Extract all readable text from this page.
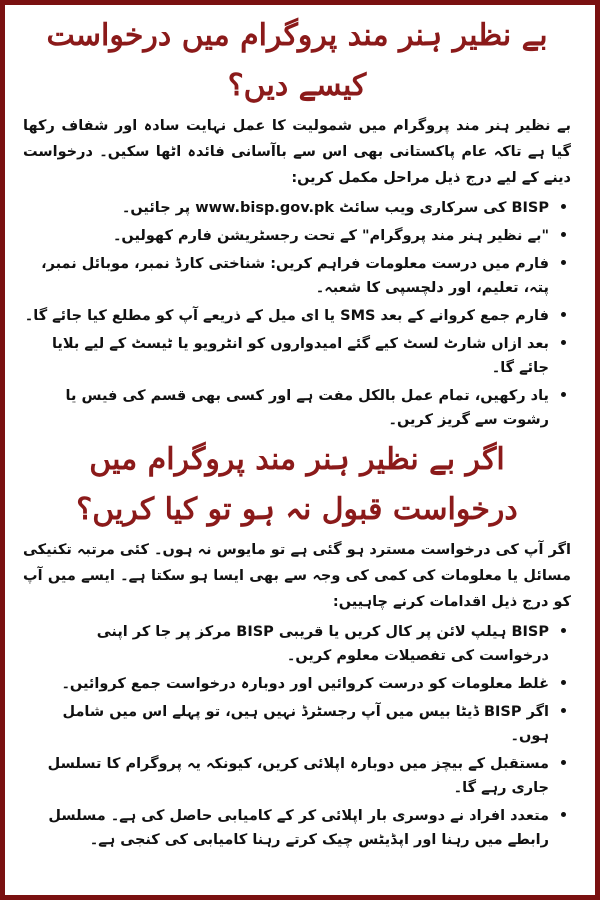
بے نظیر ہنر مند پروگرام میں درخواست کیسے دیں؟

بے نظیر ہنر مند پروگرام میں شمولیت کا عمل نہایت سادہ اور شفاف رکھا گیا ہے تاکہ عام پاکستانی بھی اس سے باآسانی فائدہ اٹھا سکیں۔ درخواست دینے کے لیے درج ذیل مراحل مکمل کریں:

• BISP کی سرکاری ویب سائٹ www.bisp.gov.pk پر جائیں۔
• "بے نظیر ہنر مند پروگرام" کے تحت رجسٹریشن فارم کھولیں۔
• فارم میں درست معلومات فراہم کریں: شناختی کارڈ نمبر، موبائل نمبر، پتہ، تعلیم، اور دلچسپی کا شعبہ۔
• فارم جمع کروانے کے بعد SMS یا ای میل کے ذریعے آپ کو مطلع کیا جائے گا۔
• بعد ازاں شارٹ لسٹ کیے گئے امیدواروں کو انٹرویو یا ٹیسٹ کے لیے بلایا جائے گا۔
• یاد رکھیں، تمام عمل بالکل مفت ہے اور کسی بھی قسم کی فیس یا رشوت سے گریز کریں۔
اگر بے نظیر ہنر مند پروگرام میں درخواست قبول نہ ہو تو کیا کریں؟

اگر آپ کی درخواست مسترد ہو گئی ہے تو مایوس نہ ہوں۔ کئی مرتبہ تکنیکی مسائل یا معلومات کی کمی کی وجہ سے بھی ایسا ہو سکتا ہے۔ ایسے میں آپ کو درج ذیل اقدامات کرنے چاہییں:

• BISP ہیلپ لائن پر کال کریں یا قریبی BISP مرکز پر جا کر اپنی درخواست کی تفصیلات معلوم کریں۔
• غلط معلومات کو درست کروائیں اور دوبارہ درخواست جمع کروائیں۔
• اگر BISP ڈیٹا بیس میں آپ رجسٹرڈ نہیں ہیں، تو پہلے اس میں شامل ہوں۔
• مستقبل کے بیچز میں دوبارہ اپلائی کریں، کیونکہ یہ پروگرام کا تسلسل جاری رہے گا۔
• متعدد افراد نے دوسری بار اپلائی کر کے کامیابی حاصل کی ہے۔ مسلسل رابطے میں رہنا اور اپڈیٹس چیک کرتے رہنا کامیابی کی کنجی ہے۔
